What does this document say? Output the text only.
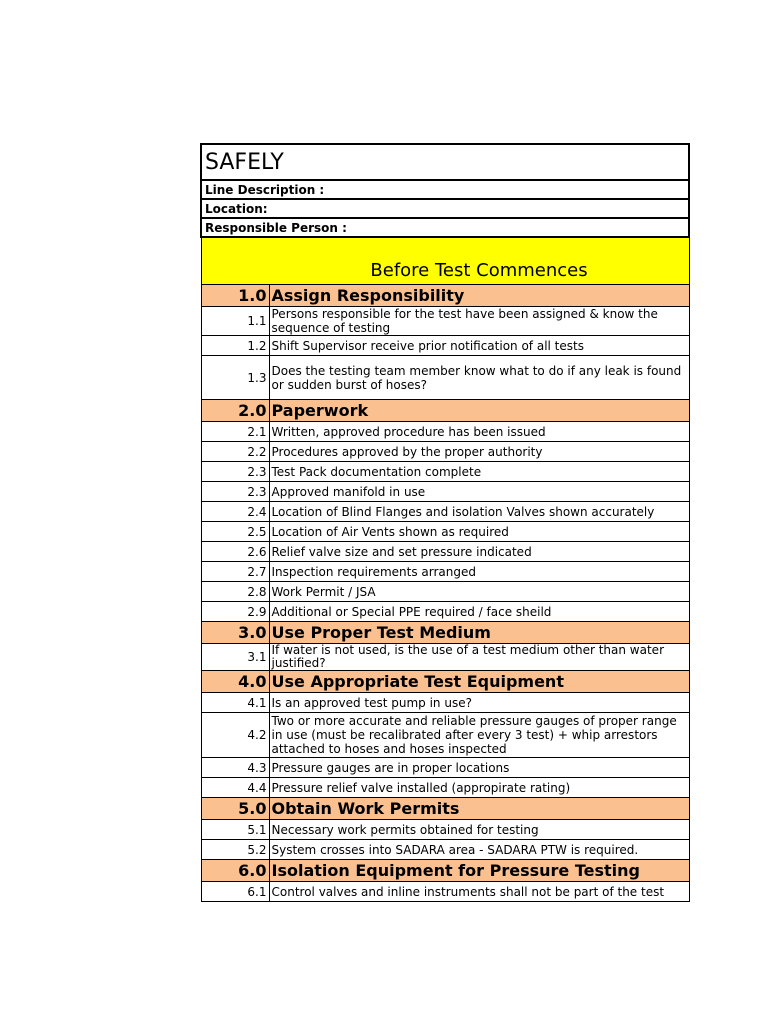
SAFELY	
Line Description :	
Location:	
Responsible Person :	
Before Test Commences	
1.0	Assign Responsibility
1.1	Persons responsible for the test have been assigned & know the sequence of testing
1.2	Shift Supervisor receive prior notification of all tests
1.3	Does the testing team member know what to do if any leak is found or sudden burst of hoses?
2.0	Paperwork
2.1	Written, approved procedure has been issued
2.2	Procedures approved by the proper authority
2.3	Test Pack documentation complete
2.3	Approved manifold in use
2.4	Location of Blind Flanges and isolation Valves shown accurately
2.5	Location of Air Vents shown as required
2.6	Relief valve size and set pressure indicated
2.7	Inspection requirements arranged
2.8	Work Permit / JSA
2.9	Additional or Special PPE required / face sheild
3.0	Use Proper Test Medium
3.1	If water is not used, is the use of a test medium other than water justified?
4.0	Use Appropriate Test Equipment
4.1	Is an approved test pump in use?
4.2	Two or more accurate and reliable pressure gauges of proper range in use (must be recalibrated after every 3 test) + whip arrestors attached to hoses and hoses inspected
4.3	Pressure gauges are in proper locations
4.4	Pressure relief valve installed (appropirate rating)
5.0	Obtain Work Permits
5.1	Necessary work permits obtained for testing
5.2	System crosses into SADARA area - SADARA PTW is required.
6.0	Isolation Equipment for Pressure Testing
6.1	Control valves and inline instruments shall not be part of the test
